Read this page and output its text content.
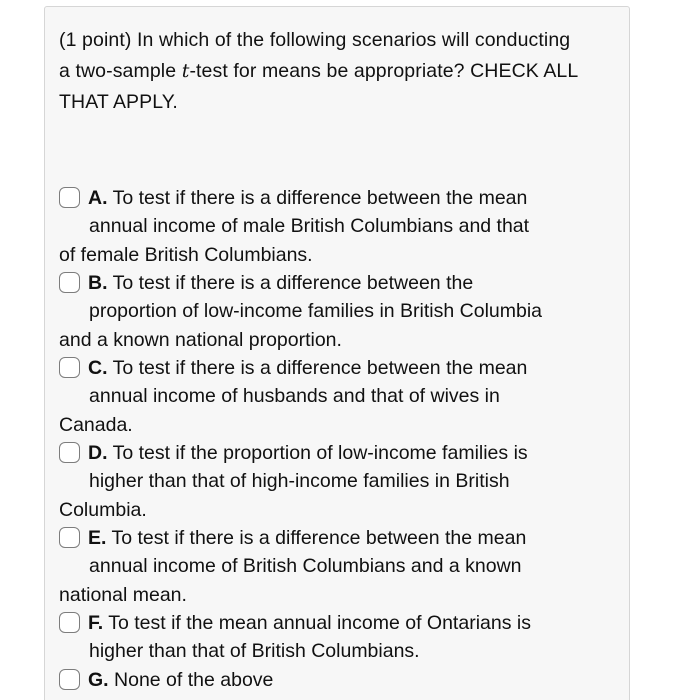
(1 point) In which of the following scenarios will conducting a two-sample t-test for means be appropriate? CHECK ALL THAT APPLY.
A. To test if there is a difference between the mean
annual income of male British Columbians and that
of female British Columbians.
B. To test if there is a difference between the
proportion of low-income families in British Columbia
and a known national proportion.
C. To test if there is a difference between the mean
annual income of husbands and that of wives in
Canada.
D. To test if the proportion of low-income families is
higher than that of high-income families in British
Columbia.
E. To test if there is a difference between the mean
annual income of British Columbians and a known
national mean.
F. To test if the mean annual income of Ontarians is
higher than that of British Columbians.
G. None of the above
